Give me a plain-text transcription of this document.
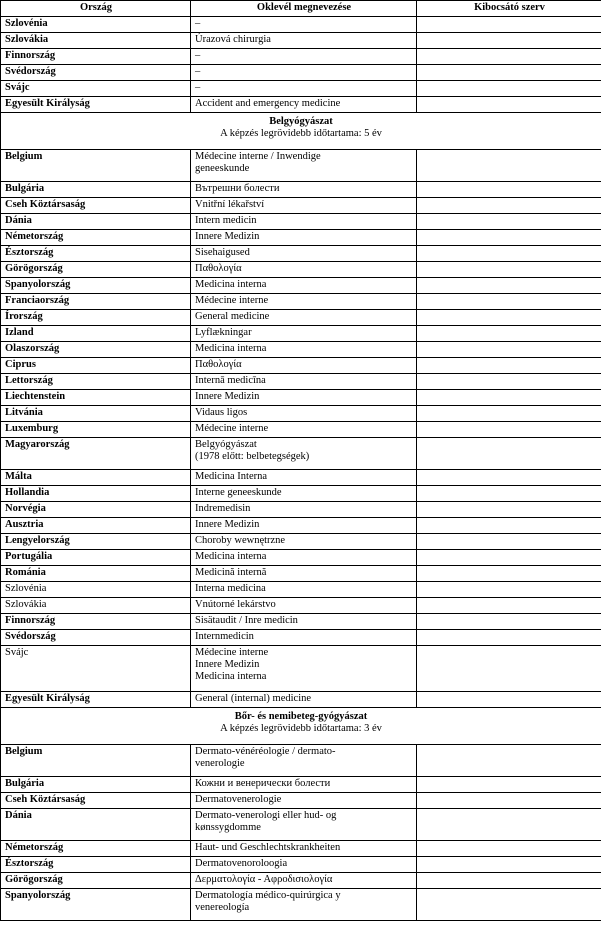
Ország	Oklevél megnevezése	Kibocsátó szerv
Szlovénia	–	
Szlovákia	Úrazová chirurgia	
Finnország	–	
Svédország	–	
Svájc	–	
Egyesült Királyság	Accident and emergency medicine	

Belgyógyászat
A képzés legrövidebb időtartama: 5 év		

Belgium	Médecine interne / Inwendige
geneeskunde	
Bulgária	Вътрешни болести	
Cseh Köztársaság	Vnitřní lékařství	
Dánia	Intern medicin	
Németország	Innere Medizin	
Észtország	Sisehaigused	
Görögország	Παθολογία	
Spanyolország	Medicina interna	
Franciaország	Médecine interne	
Írország	General medicine	
Izland	Lyflækningar	
Olaszország	Medicina interna	
Ciprus	Παθολογία	
Lettország	Internā medicīna	
Liechtenstein	Innere Medizin	
Litvánia	Vidaus ligos	
Luxemburg	Médecine interne	
Magyarország	Belgyógyászat
(1978 előtt: belbetegségek)	
Málta	Medicina Interna	
Hollandia	Interne geneeskunde	
Norvégia	Indremedisin	
Ausztria	Innere Medizin	
Lengyelország	Choroby wewnętrzne	
Portugália	Medicina interna	
Románia	Medicină internă	
Szlovénia	Interna medicina	
Szlovákia	Vnútorné lekárstvo	
Finnország	Sisätaudit / Inre medicin	
Svédország	Internmedicin	
Svájc	Médecine interne
Innere Medizin
Medicina interna	
Egyesült Királyság	General (internal) medicine	

Bőr- és nemibeteg-gyógyászat
A képzés legrövidebb időtartama: 3 év		

Belgium	Dermato-vénéréologie / dermato-
venerologie	
Bulgária	Кожни и венерически болести	
Cseh Köztársaság	Dermatovenerologie	
Dánia	Dermato-venerologi eller hud- og
kønssygdomme	
Németország	Haut- und Geschlechtskrankheiten	
Észtország	Dermatovenoroloogia	
Görögország	Δερματολογία - Αφροδισιολογία	
Spanyolország	Dermatología médico-quirúrgica y
venereología	
